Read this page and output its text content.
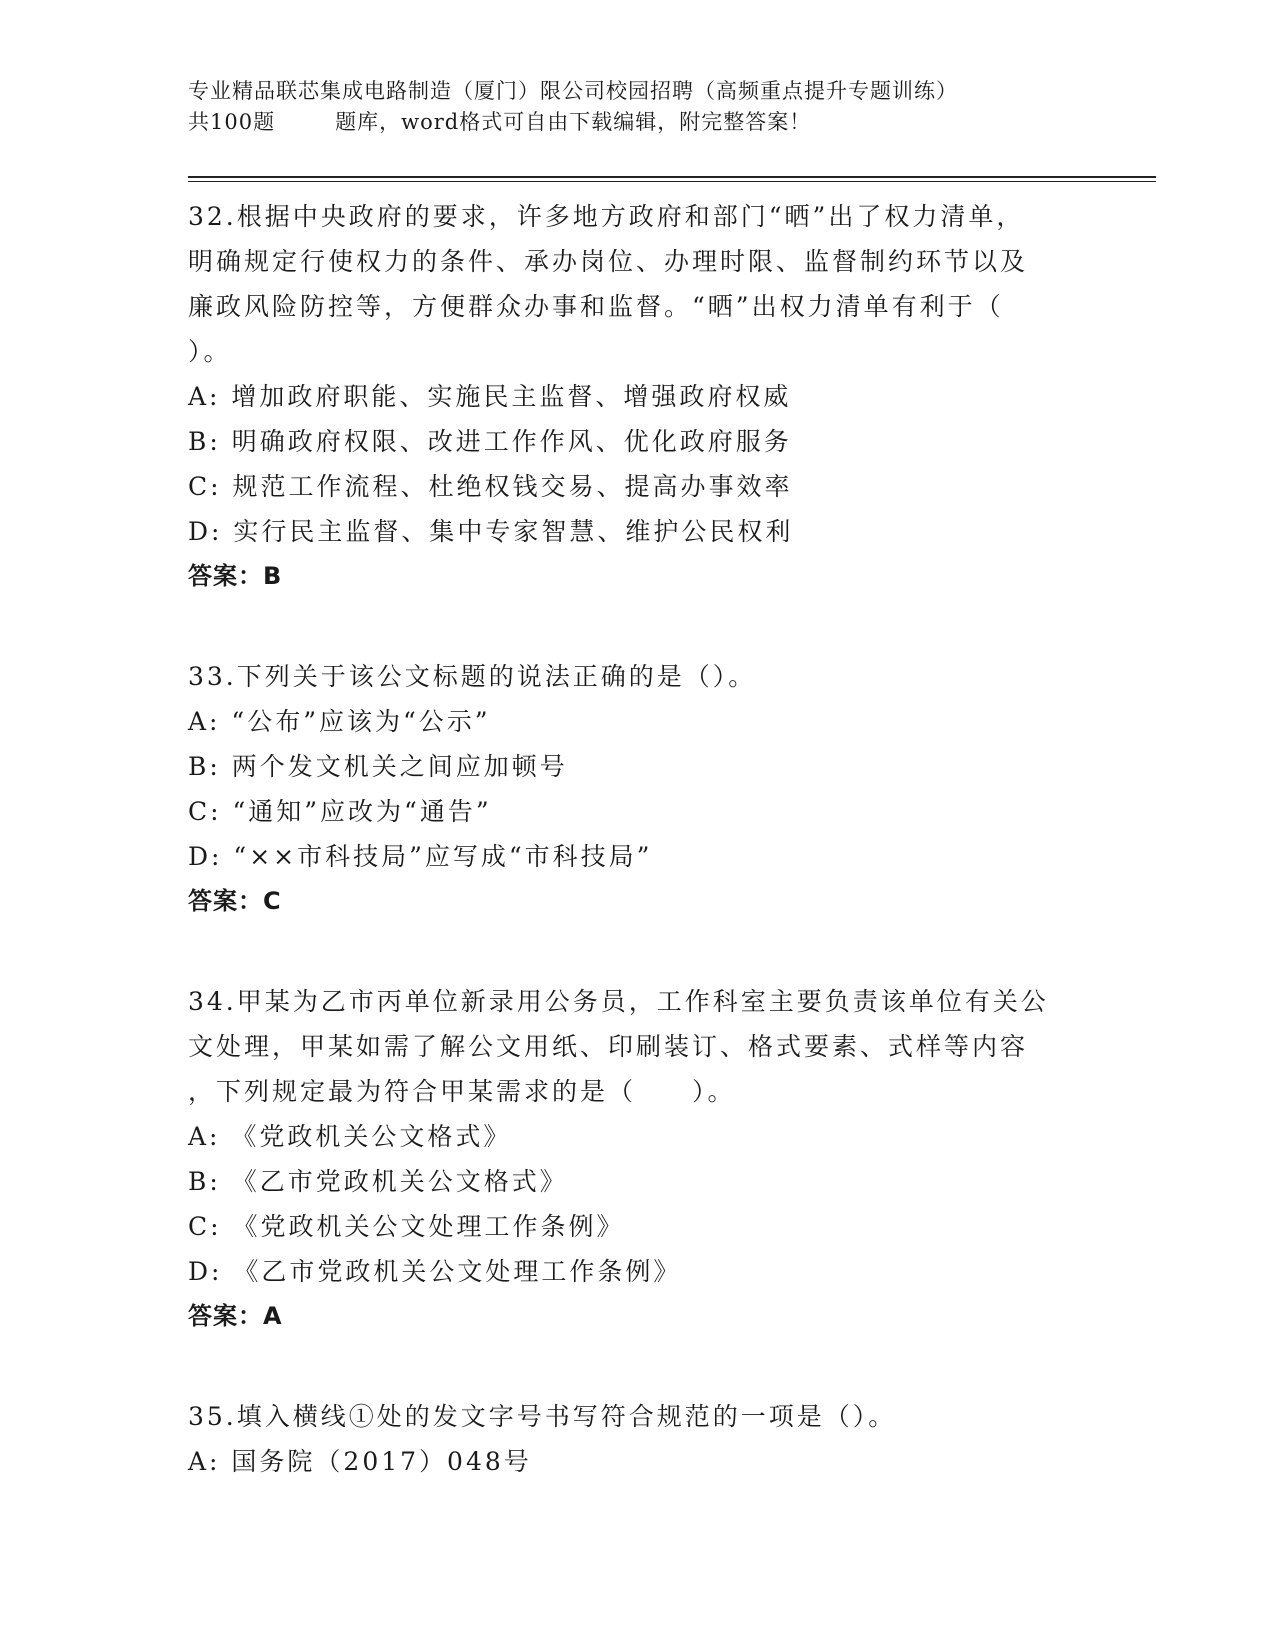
专业精品联芯集成电路制造（厦门）限公司校园招聘（高频重点提升专题训练）
共100题	题库，word格式可自由下载编辑，附完整答案！
32.根据中央政府的要求，许多地方政府和部门“晒”出了权力清单，
明确规定行使权力的条件、承办岗位、办理时限、监督制约环节以及
廉政风险防控等，方便群众办事和监督。“晒”出权力清单有利于（
）。
A: 增加政府职能、实施民主监督、增强政府权威
B: 明确政府权限、改进工作作风、优化政府服务
C: 规范工作流程、杜绝权钱交易、提高办事效率
D: 实行民主监督、集中专家智慧、维护公民权利
答案：B
33.下列关于该公文标题的说法正确的是（）。
A: “公布”应该为“公示”
B: 两个发文机关之间应加顿号
C: “通知”应改为“通告”
D: “××市科技局”应写成“市科技局”
答案：C
34.甲某为乙市丙单位新录用公务员，工作科室主要负责该单位有关公
文处理，甲某如需了解公文用纸、印刷装订、格式要素、式样等内容
，下列规定最为符合甲某需求的是（　　）。
A: 《党政机关公文格式》
B: 《乙市党政机关公文格式》
C: 《党政机关公文处理工作条例》
D: 《乙市党政机关公文处理工作条例》
答案：A
35.填入横线①处的发文字号书写符合规范的一项是（）。
A: 国务院（2017）048号
